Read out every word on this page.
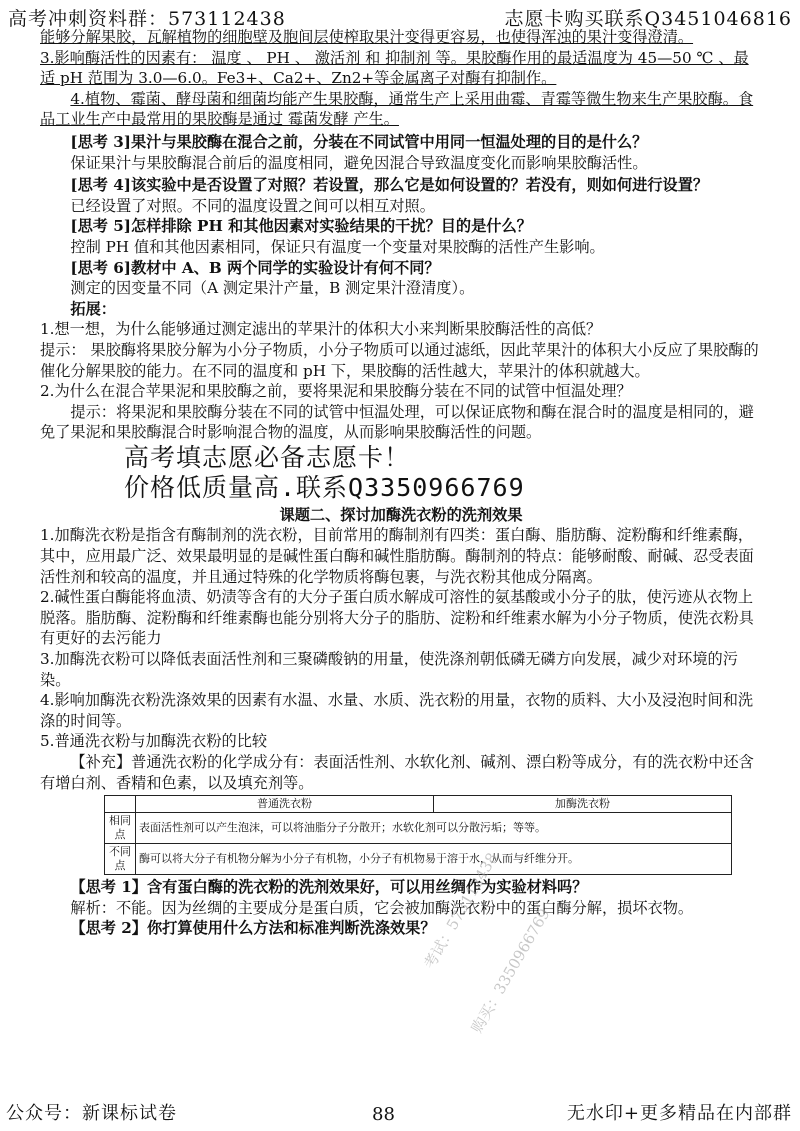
高考冲刺资料群：573112438	志愿卡购买联系Q3451046816

能够分解果胶，瓦解植物的细胞壁及胞间层使榨取果汁变得更容易，也使得浑浊的果汁变得澄清。

3.影响酶活性的因素有： 温度 、 PH 、 激活剂 和 抑制剂 等。果胶酶作用的最适温度为 45—50 ℃ 、最适 pH 范围为 3.0—6.0。Fe3+、Ca2+、Zn2+等金属离子对酶有抑制作。

4.植物、霉菌、酵母菌和细菌均能产生果胶酶，通常生产上采用曲霉、青霉等微生物来生产果胶酶。食品工业生产中最常用的果胶酶是通过 霉菌发酵 产生。

[思考 3]果汁与果胶酶在混合之前，分装在不同试管中用同一恒温处理的目的是什么？

保证果汁与果胶酶混合前后的温度相同，避免因混合导致温度变化而影响果胶酶活性。

[思考 4]该实验中是否设置了对照？若设置，那么它是如何设置的？若没有，则如何进行设置？

已经设置了对照。不同的温度设置之间可以相互对照。

[思考 5]怎样排除 PH 和其他因素对实验结果的干扰？目的是什么？

控制 PH 值和其他因素相同，保证只有温度一个变量对果胶酶的活性产生影响。

[思考 6]教材中 A、B 两个同学的实验设计有何不同？

测定的因变量不同（A 测定果汁产量，B 测定果汁澄清度）。

拓展：

1.想一想，为什么能够通过测定滤出的苹果汁的体积大小来判断果胶酶活性的高低？

提示： 果胶酶将果胶分解为小分子物质，小分子物质可以通过滤纸，因此苹果汁的体积大小反应了果胶酶的催化分解果胶的能力。在不同的温度和 pH 下，果胶酶的活性越大，苹果汁的体积就越大。

2.为什么在混合苹果泥和果胶酶之前，要将果泥和果胶酶分装在不同的试管中恒温处理？

提示：将果泥和果胶酶分装在不同的试管中恒温处理，可以保证底物和酶在混合时的温度是相同的，避免了果泥和果胶酶混合时影响混合物的温度，从而影响果胶酶活性的问题。

高考填志愿必备志愿卡！

价格低质量高.联系Q3350966769

课题二、探讨加酶洗衣粉的洗剂效果

1.加酶洗衣粉是指含有酶制剂的洗衣粉，目前常用的酶制剂有四类：蛋白酶、脂肪酶、淀粉酶和纤维素酶，其中，应用最广泛、效果最明显的是碱性蛋白酶和碱性脂肪酶。酶制剂的特点：能够耐酸、耐碱、忍受表面活性剂和较高的温度，并且通过特殊的化学物质将酶包裹，与洗衣粉其他成分隔离。

2.碱性蛋白酶能将血渍、奶渍等含有的大分子蛋白质水解成可溶性的氨基酸或小分子的肽，使污迹从衣物上脱落。脂肪酶、淀粉酶和纤维素酶也能分别将大分子的脂肪、淀粉和纤维素水解为小分子物质，使洗衣粉具有更好的去污能力

3.加酶洗衣粉可以降低表面活性剂和三聚磷酸钠的用量，使洗涤剂朝低磷无磷方向发展，减少对环境的污染。

4.影响加酶洗衣粉洗涤效果的因素有水温、水量、水质、洗衣粉的用量，衣物的质料、大小及浸泡时间和洗涤的时间等。

5.普通洗衣粉与加酶洗衣粉的比较

【补充】普通洗衣粉的化学成分有：表面活性剂、水软化剂、碱剂、漂白粉等成分，有的洗衣粉中还含有增白剂、香精和色素，以及填充剂等。

	普通洗衣粉	加酶洗衣粉
相同点	表面活性剂可以产生泡沫，可以将油脂分子分散开；水软化剂可以分散污垢；等等。	
不同点	酶可以将大分子有机物分解为小分子有机物，小分子有机物易于溶于水，从而与纤维分开。	

【思考 1】含有蛋白酶的洗衣粉的洗剂效果好，可以用丝绸作为实验材料吗？

解析：不能。因为丝绸的主要成分是蛋白质，它会被加酶洗衣粉中的蛋白酶分解，损坏衣物。

【思考 2】你打算使用什么方法和标准判断洗涤效果？

考试：573112438
购买：3350966769
公众号：新课标试卷	88	无水印+更多精品在内部群
